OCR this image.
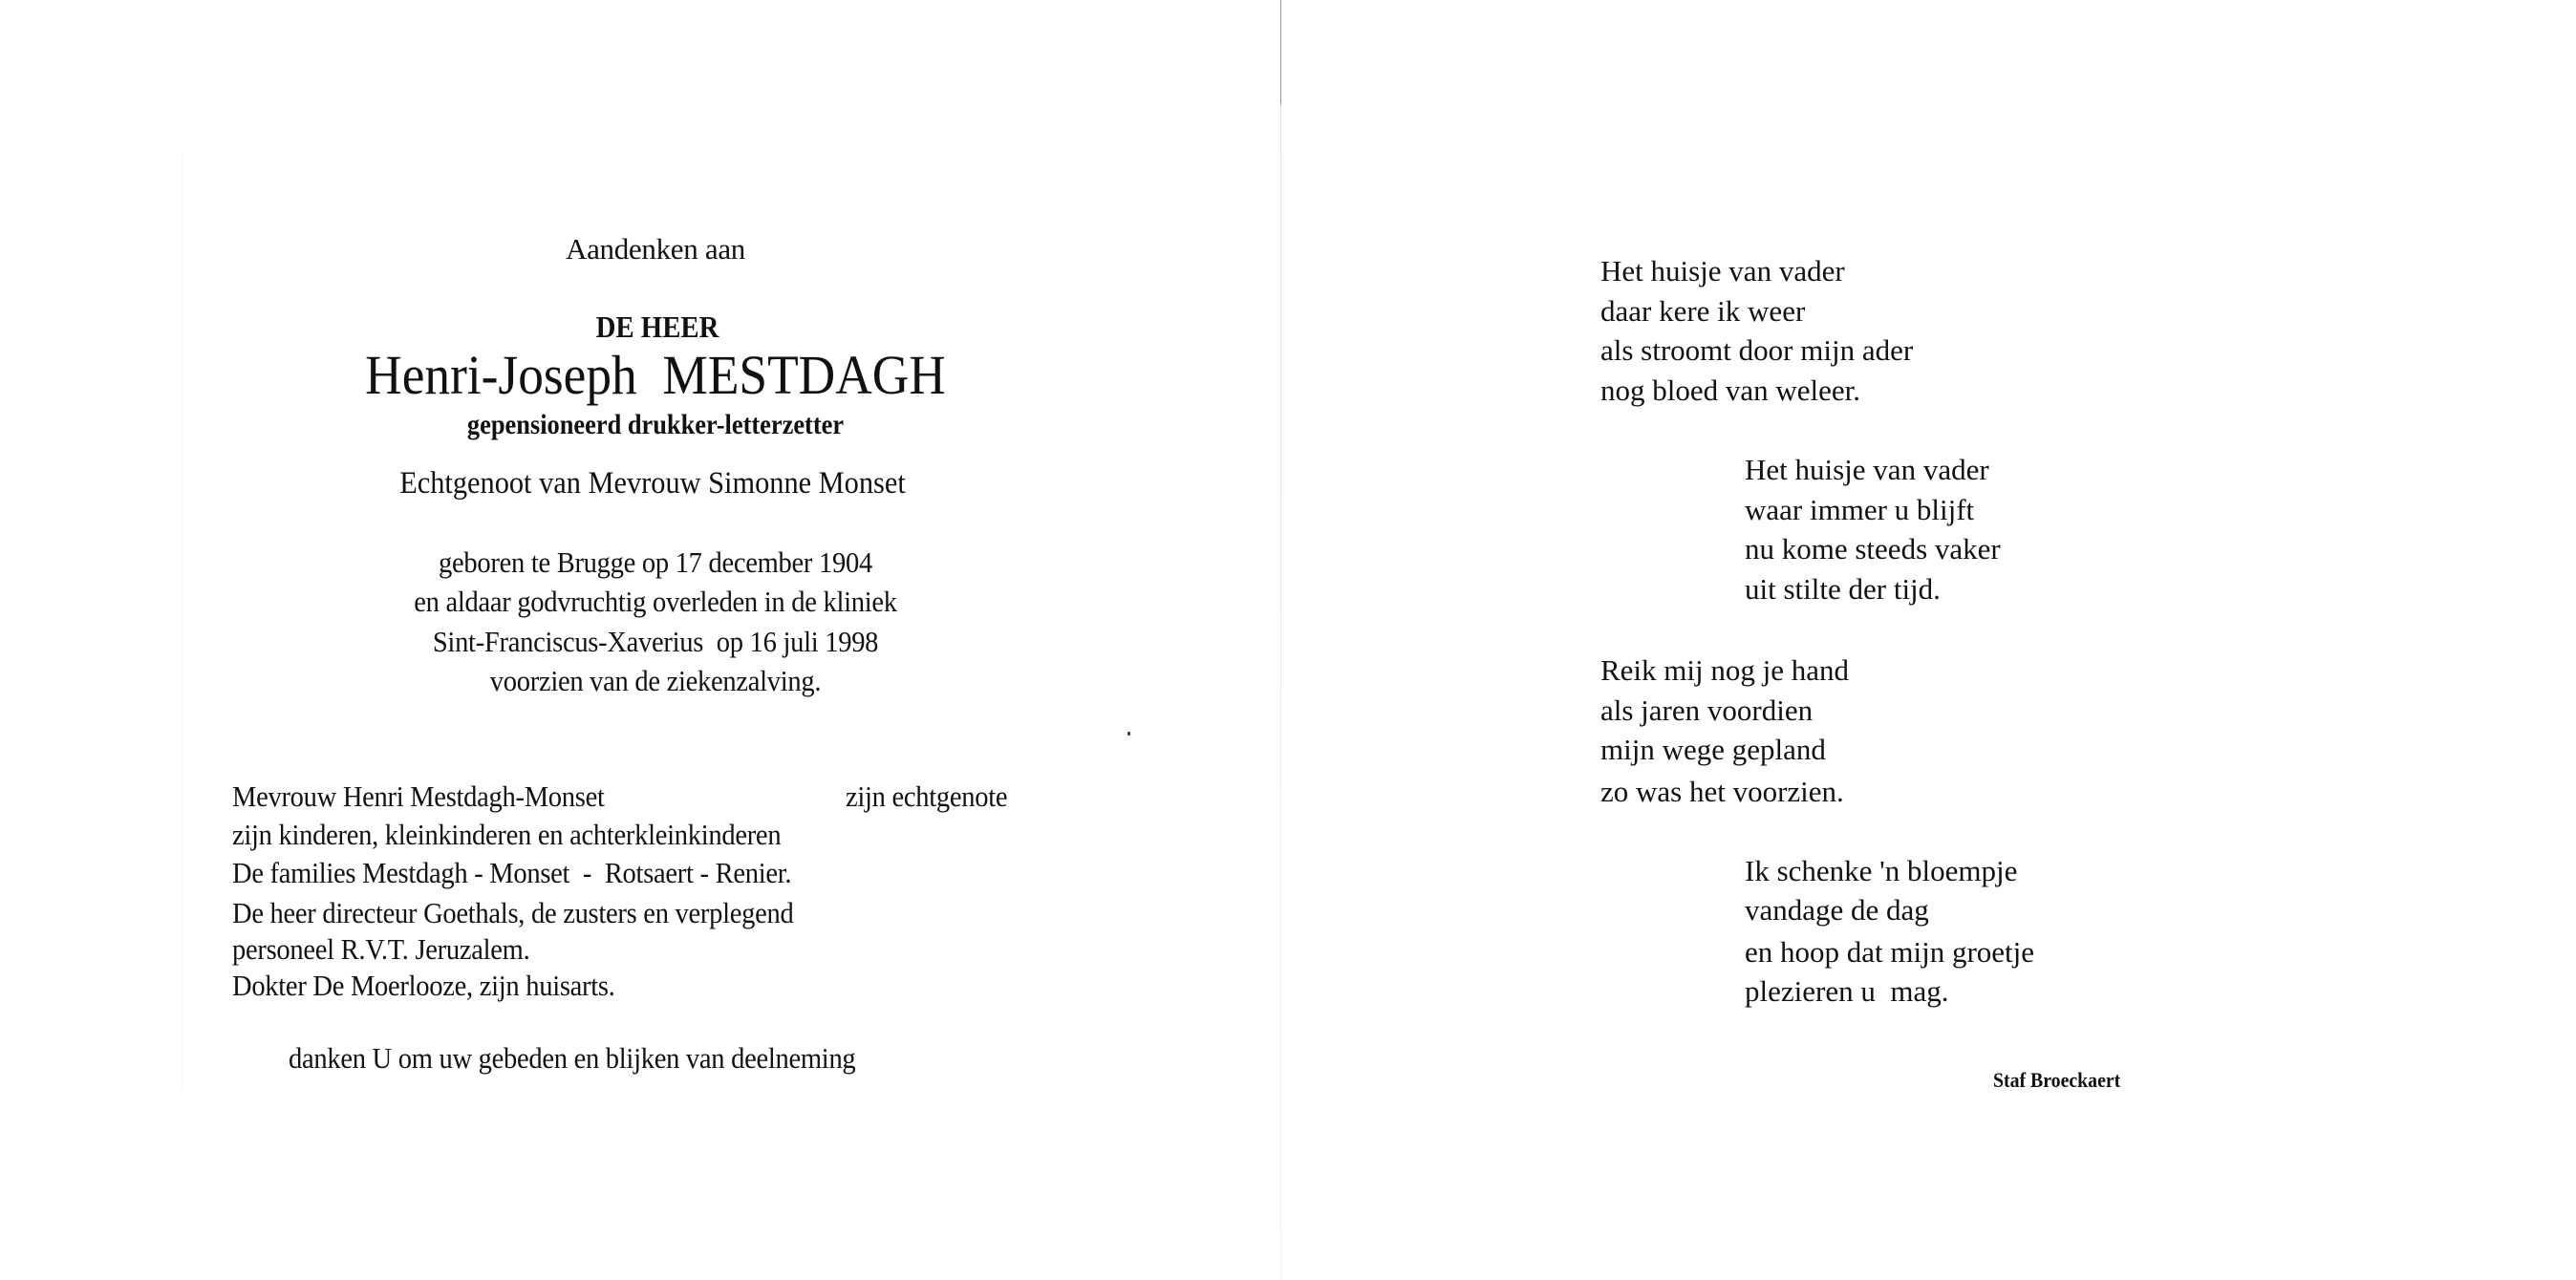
Aandenken aan
DE HEER
Henri-Joseph  MESTDAGH
gepensioneerd drukker-letterzetter
Echtgenoot van Mevrouw Simonne Monset
geboren te Brugge op 17 december 1904
en aldaar godvruchtig overleden in de kliniek
Sint-Franciscus-Xaverius  op 16 juli 1998
voorzien van de ziekenzalving.
Mevrouw Henri Mestdagh-Monset	zijn echtgenote
zijn kinderen, kleinkinderen en achterkleinkinderen
De families Mestdagh - Monset  -  Rotsaert - Renier.
De heer directeur Goethals, de zusters en verplegend
personeel R.V.T. Jeruzalem.
Dokter De Moerlooze, zijn huisarts.
danken U om uw gebeden en blijken van deelneming
Het huisje van vader
daar kere ik weer
als stroomt door mijn ader
nog bloed van weleer.
Het huisje van vader
waar immer u blijft
nu kome steeds vaker
uit stilte der tijd.
Reik mij nog je hand
als jaren voordien
mijn wege gepland
zo was het voorzien.
Ik schenke 'n bloempje
vandage de dag
en hoop dat mijn groetje
plezieren u  mag.
Staf Broeckaert
